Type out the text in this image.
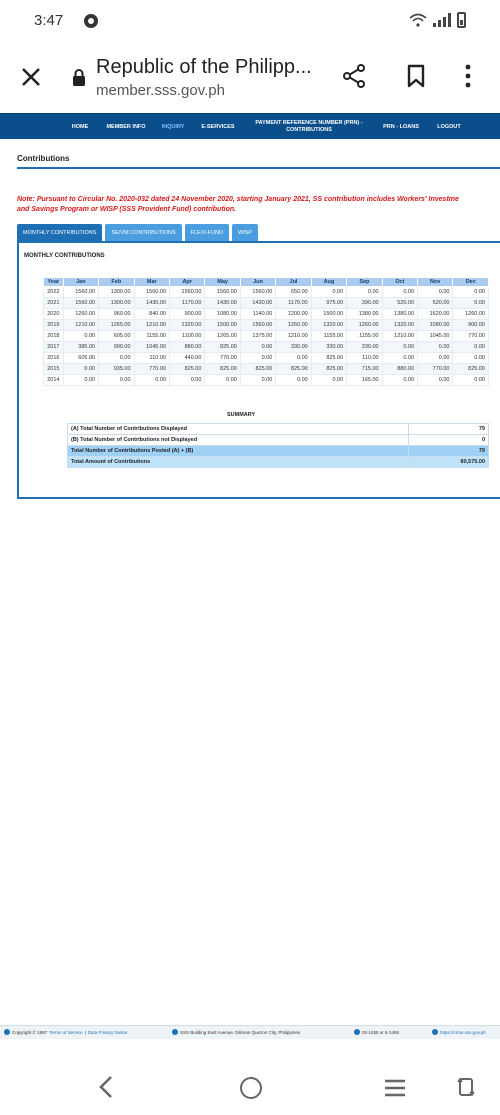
3:47
Republic of the Philipp...
member.sss.gov.ph
HOME	MEMBER INFO	INQUIRY	E-SERVICES
PAYMENT REFERENCE NUMBER (PRN) -
CONTRIBUTIONS
PRN - LOANS	LOGOUT
Contributions
Note: Pursuant to Circular No. 2020-032 dated 24 November 2020, starting January 2021, SS contribution includes Workers' Investme
and Savings Program or WISP (SSS Provident Fund) contribution.
MONTHLY CONTRIBUTIONS	SE/VM CONTRIBUTIONS	FLEXI-FUND	WISP
MONTHLY CONTRIBUTIONS
Year	Jan	Feb	Mar	Apr	May	Jun	Jul	Aug	Sep	Oct	Nov	Dec
2022	1560.00	1300.00	1560.00	1560.00	1560.00	1560.00	650.00	0.00	0.00	0.00	0.00	0.00
2021	1560.00	1300.00	1430.00	1170.00	1430.00	1430.00	1170.00	975.00	390.00	520.00	520.00	0.00
2020	1260.00	960.00	840.00	900.00	1080.00	1140.00	1200.00	1500.00	1380.00	1380.00	1620.00	1260.00
2019	1210.00	1265.00	1210.00	1320.00	1500.00	1560.00	1260.00	1320.00	1260.00	1320.00	1080.00	900.00
2018	0.00	605.00	1155.00	1100.00	1265.00	1375.00	1210.00	1155.00	1155.00	1210.00	1045.00	770.00
2017	385.00	990.00	1045.00	880.00	825.00	0.00	330.00	330.00	330.00	0.00	0.00	0.00
2016	605.00	0.00	110.00	440.00	770.00	0.00	0.00	825.00	110.00	0.00	0.00	0.00
2015	0.00	935.00	770.00	825.00	825.00	825.00	825.00	825.00	715.00	880.00	770.00	825.00
2014	0.00	0.00	0.00	0.00	0.00	0.00	0.00	0.00	165.00	0.00	0.00	0.00
SUMMARY
(A) Total Number of Contributions Displayed	79
(B) Total Number of Contributions not Displayed	0
Total Number of Contributions Posted (A) + (B)	79
Total Amount of Contributions	80,575.00
Copyright © 1997 Terms of Service | Data Privacy Notice	SSS Building East Avenue, Diliman Quezon City, Philippines	02-1455 or 8-1455	https://crms.sss.gov.ph
